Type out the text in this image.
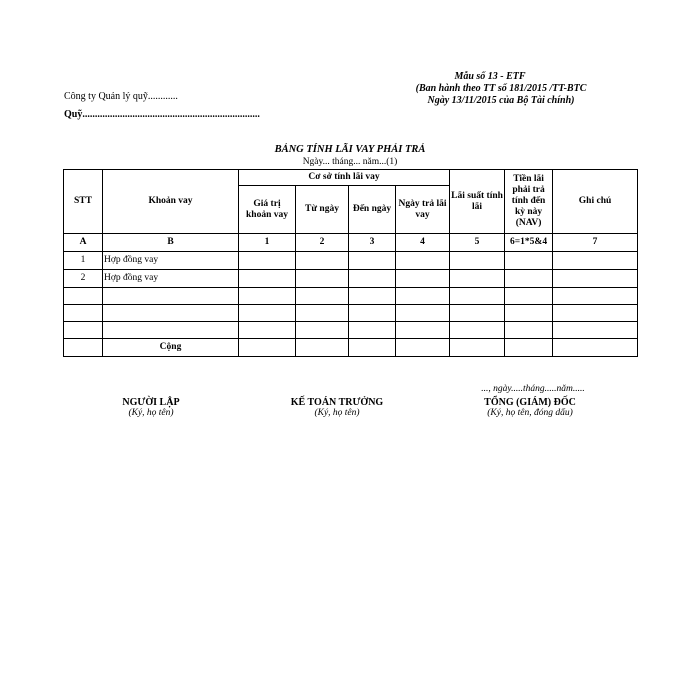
Mẫu số 13 - ETF
(Ban hành theo TT số 181/2015 /TT-BTC
Ngày 13/11/2015 của Bộ Tài chính)
Công ty Quản lý quỹ............
Quỹ.......................................................................
BẢNG TÍNH LÃI VAY PHẢI TRẢ
Ngày... tháng... năm...(1)
STT	Khoản vay	Cơ sở tính lãi vay				Lãi suất tính lãi	Tiền lãi phải trả tính đến kỳ này (NAV)	Ghi chú
		Giá trị khoản vay	Từ ngày	Đến ngày	Ngày trả lãi vay			

A	B	1	2	3	4	5	6=1*5&4	7
1	Hợp đồng vay							
2	Hợp đồng vay							

	Cộng							
..., ngày.....tháng.....năm.....
NGƯỜI LẬP
(Ký, họ tên)
KẾ TOÁN TRƯỞNG
(Ký, họ tên)
TỔNG (GIÁM) ĐỐC
(Ký, họ tên, đóng dấu)
